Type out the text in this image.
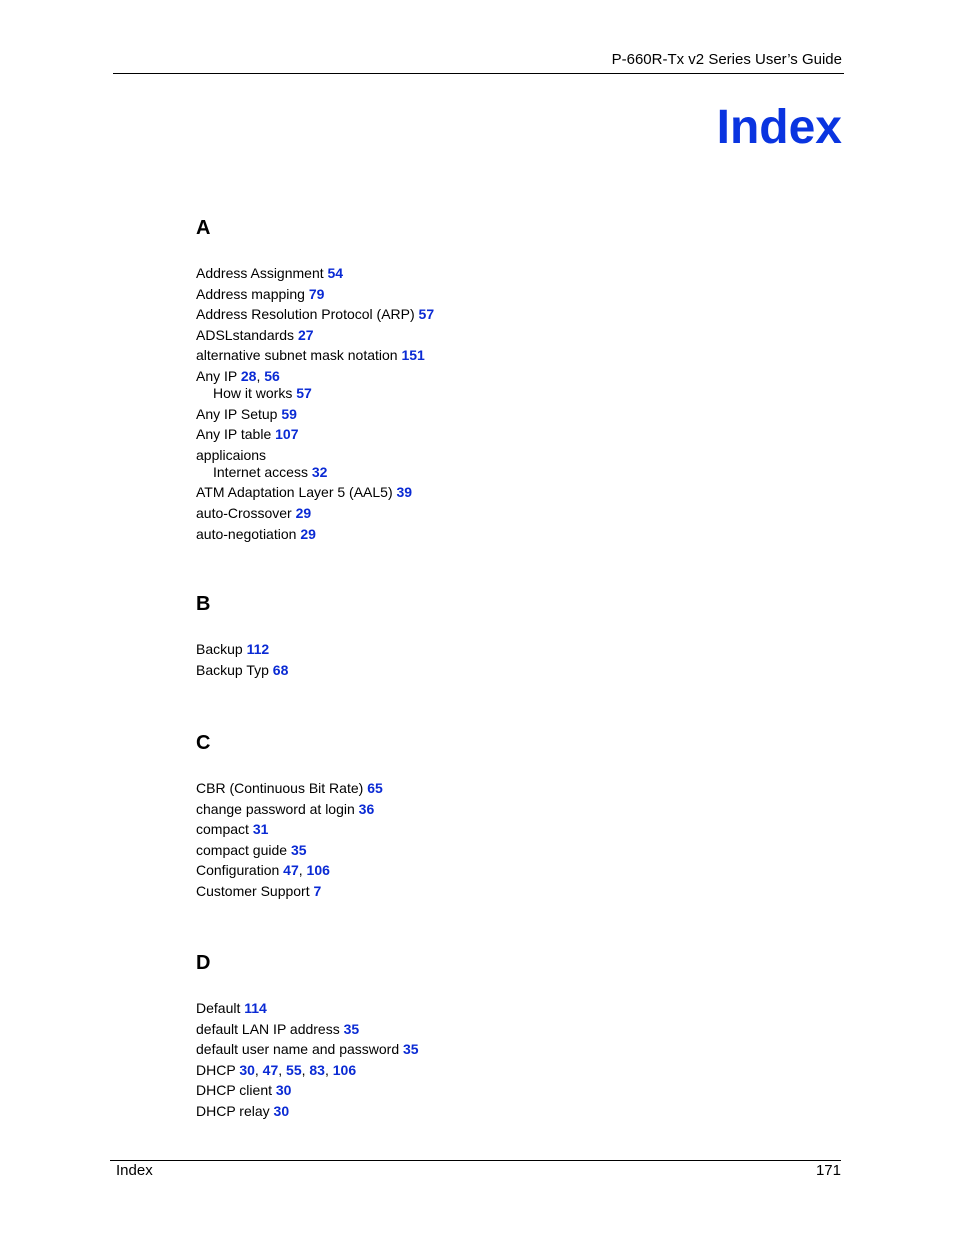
P-660R-Tx v2 Series User’s Guide
Index
A
Address Assignment 54
Address mapping 79
Address Resolution Protocol (ARP) 57
ADSLstandards 27
alternative subnet mask notation 151
Any IP 28, 56
How it works 57
Any IP Setup 59
Any IP table 107
applicaions
Internet access 32
ATM Adaptation Layer 5 (AAL5) 39
auto-Crossover 29
auto-negotiation 29
B
Backup 112
Backup Typ 68
C
CBR (Continuous Bit Rate) 65
change password at login 36
compact 31
compact guide 35
Configuration 47, 106
Customer Support 7
D
Default 114
default LAN IP address 35
default user name and password 35
DHCP 30, 47, 55, 83, 106
DHCP client 30
DHCP relay 30
Index	171
